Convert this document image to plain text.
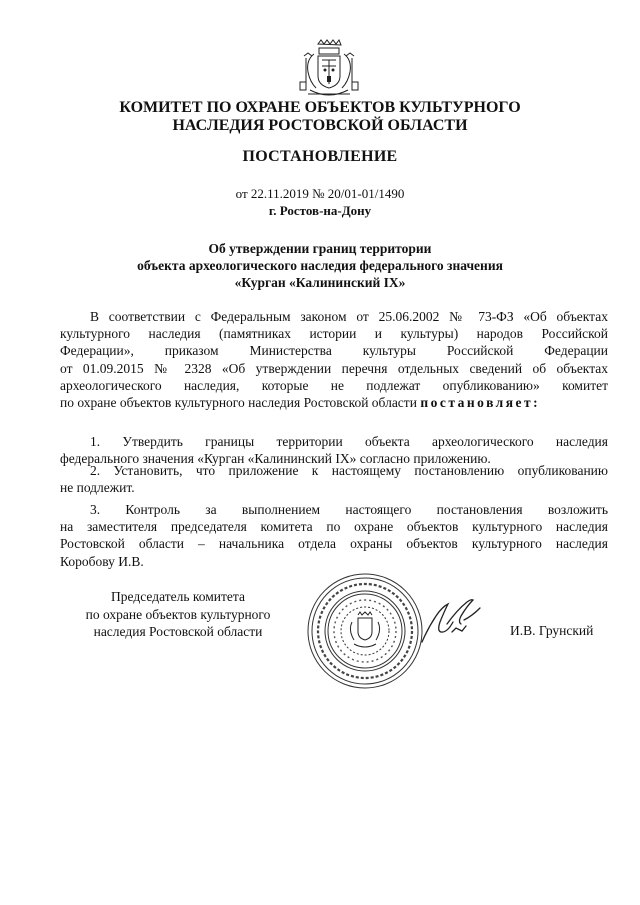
КОМИТЕТ ПО ОХРАНЕ ОБЪЕКТОВ КУЛЬТУРНОГО
НАСЛЕДИЯ РОСТОВСКОЙ ОБЛАСТИ
ПОСТАНОВЛЕНИЕ
от 22.11.2019 № 20/01-01/1490
г. Ростов-на-Дону
Об утверждении границ территории
объекта археологического наследия федерального значения
«Курган «Калининский IX»
В соответствии с Федеральным законом от 25.06.2002 № 73-ФЗ «Об объектах
культурного наследия (памятниках истории и культуры) народов Российской
Федерации», приказом Министерства культуры Российской Федерации
от 01.09.2015 № 2328 «Об утверждении перечня отдельных сведений об объектах
археологического наследия, которые не подлежат опубликованию» комитет
по охране объектов культурного наследия Ростовской области постановляет:
1. Утвердить границы территории объекта археологического наследия
федерального значения «Курган «Калининский IX» согласно приложению.
2. Установить, что приложение к настоящему постановлению опубликованию
не подлежит.
3. Контроль за выполнением настоящего постановления возложить
на заместителя председателя комитета по охране объектов культурного наследия
Ростовской области – начальника отдела охраны объектов культурного наследия
Коробову И.В.
Председатель комитета
по охране объектов культурного
наследия Ростовской области	И.В. Грунский
